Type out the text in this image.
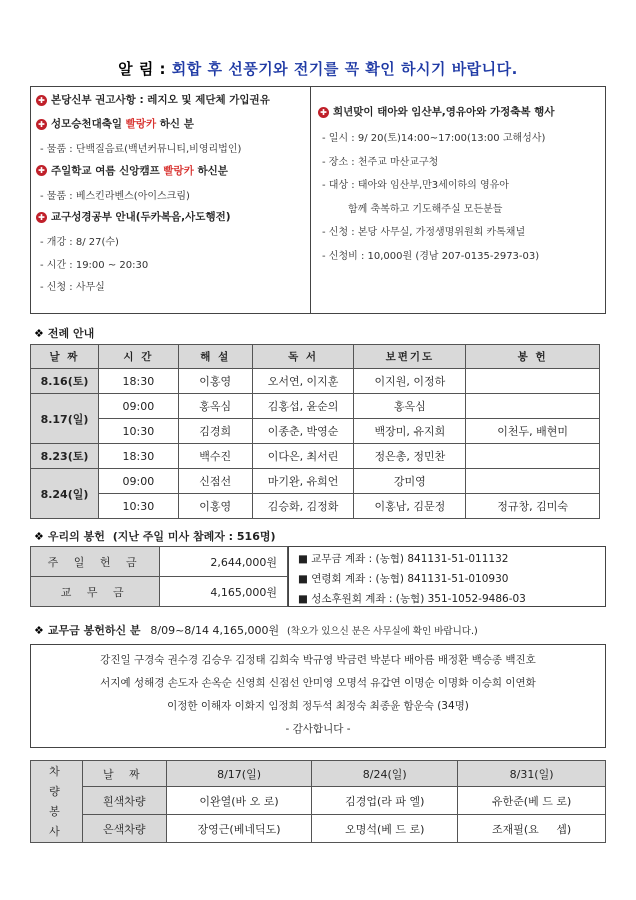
알 림 : 회합 후 선풍기와 전기를 꼭 확인 하시기 바랍니다.
✚ 본당신부 권고사항 : 레지오 및 제단체 가입권유
✚ 성모승천대축일 빨랑카 하신 분
- 물품 : 단백질음료(백년커뮤니티,비영리법인)
✚ 주일학교 여름 신앙캠프 빨랑카 하신분
- 물품 : 베스킨라벤스(아이스크림)
✚ 교구성경공부 안내(두카복음,사도행전)
- 개강 : 8/ 27(수)
- 시간 : 19:00 ~ 20:30
- 신청 : 사무실
✚ 희년맞이 태아와 임산부,영유아와 가정축복 행사
- 일시 : 9/ 20(토)14:00~17:00(13:00 고해성사)
- 장소 : 천주교 마산교구청
- 대상 : 태아와 임산부,만3세이하의 영유아
함께 축복하고 기도해주실 모든분들
- 신청 : 본당 사무실, 가정생명위원회 카톡채널
- 신청비 : 10,000원 (경남 207-0135-2973-03)
❖ 전례 안내
날 짜	시 간	해 설	독 서	보편기도	봉 헌
8.16(토)	18:30	이홍영	오서연, 이지훈	이지원, 이정하	
8.17(일)	09:00	홍옥심	김홍섭, 윤순의	홍옥심	
	10:30	김경희	이종춘, 박영순	백장미, 유지희	이천두, 배현미
8.23(토)	18:30	백수진	이다은, 최서린	정은총, 정민찬	
8.24(일)	09:00	신점선	마기완, 유희언	강미영	
	10:30	이홍영	김승화, 김정화	이홍남, 김문정	정규창, 김미숙
❖ 우리의 봉헌 (지난 주일 미사 참례자 : 516명)
주 일 헌 금	2,644,000원
교 무 금	4,165,000원
■ 교무금 계좌 : (농협) 841131-51-011132
■ 연령회 계좌 : (농협) 841131-51-010930
■ 성소후원회 계좌 : (농협) 351-1052-9486-03
❖ 교무금 봉헌하신 분 8/09~8/14 4,165,000원 (착오가 있으신 분은 사무실에 확인 바랍니다.)
강진일 구경숙 권수경 김승우 김정태 김희숙 박규영 박금련 박분다 배아름 배정환 백승종 백진호
서지예 성해경 손도자 손옥순 신영희 신점선 안미영 오명석 유갑연 이명순 이명화 이승희 이연화
이정한 이해자 이화지 임정희 정두석 최정숙 최종윤 함운숙 (34명)
- 감사합니다 -
차 량 봉 사	날 짜	8/17(일)	8/24(일)	8/31(일)
	흰색차량	이완열(바 오 로)	김경업(라 파 엘)	유한준(베 드 로)
	은색차량	장영근(베네딕도)	오명석(베 드 로)	조재필(요     셉)
